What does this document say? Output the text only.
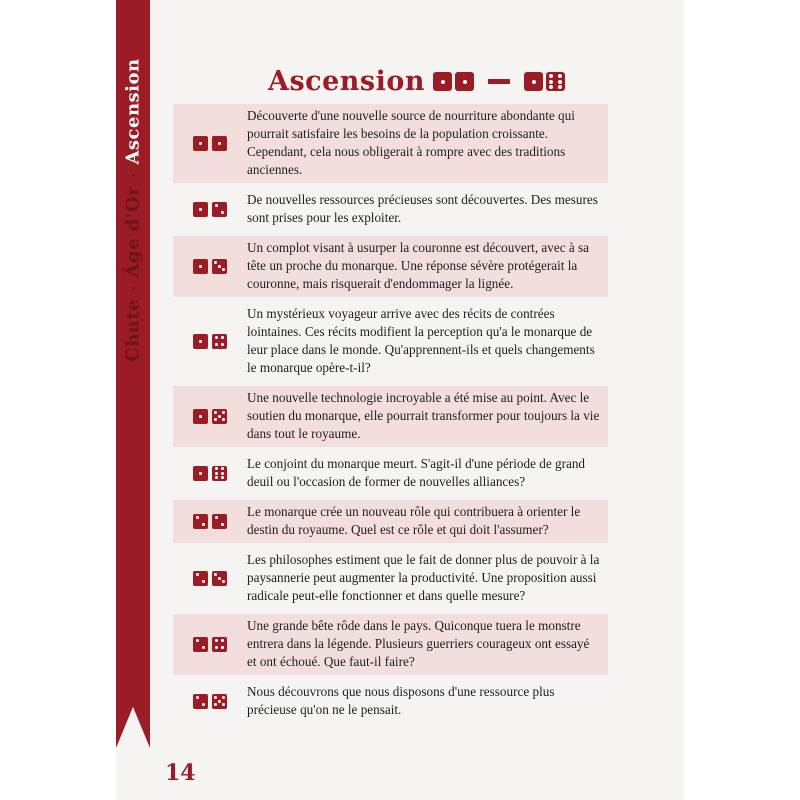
Chute·Âge d'Or·Ascension	Ascension
Découverte d'une nouvelle source de nourriture abondante qui pourrait satisfaire les besoins de la population croissante. Cependant, cela nous obligerait à rompre avec des traditions anciennes.
De nouvelles ressources précieuses sont découvertes. Des mesures sont prises pour les exploiter.
Un complot visant à usurper la couronne est découvert, avec à sa tête un proche du monarque. Une réponse sévère protégerait la couronne, mais risquerait d'endommager la lignée.
Un mystérieux voyageur arrive avec des récits de contrées lointaines. Ces récits modifient la perception qu'a le monarque de leur place dans le monde. Qu'apprennent-ils et quels changements le monarque opère-t-il?
Une nouvelle technologie incroyable a été mise au point. Avec le soutien du monarque, elle pourrait transformer pour toujours la vie dans tout le royaume.
Le conjoint du monarque meurt. S'agit-il d'une période de grand deuil ou l'occasion de former de nouvelles alliances?
Le monarque crée un nouveau rôle qui contribuera à orienter le destin du royaume. Quel est ce rôle et qui doit l'assumer?
Les philosophes estiment que le fait de donner plus de pouvoir à la paysannerie peut augmenter la productivité. Une proposition aussi radicale peut-elle fonctionner et dans quelle mesure?
Une grande bête rôde dans le pays. Quiconque tuera le monstre entrera dans la légende. Plusieurs guerriers courageux ont essayé et ont échoué. Que faut-il faire?
Nous découvrons que nous disposons d'une ressource plus précieuse qu'on ne le pensait.
14
